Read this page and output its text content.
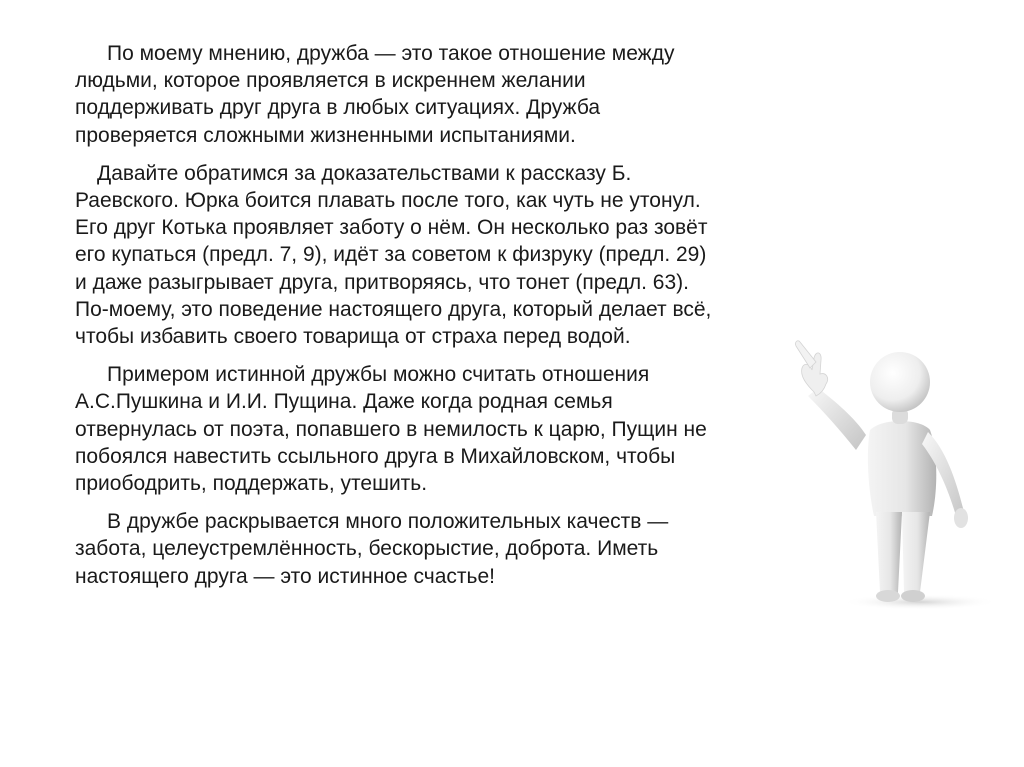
По моему мнению, дружба — это такое отношение между людьми, которое проявляется в искреннем желании поддерживать друг друга в любых ситуациях. Дружба проверяется сложными жизненными испытаниями.

Давайте обратимся за доказательствами к рассказу Б. Раевского. Юрка боится плавать после того, как чуть не утонул. Его друг Котька проявляет заботу о нём. Он несколько раз зовёт его купаться (предл. 7, 9), идёт за советом к физруку (предл. 29) и даже разыгрывает друга, притворяясь, что тонет (предл. 63). По-моему, это поведение настоящего друга, который делает всё, чтобы избавить своего товарища от страха перед водой.

Примером истинной дружбы можно считать отношения А.С.Пушкина и И.И. Пущина. Даже когда родная семья отвернулась от поэта, попавшего в немилость к царю, Пущин не побоялся навестить ссыльного друга в Михайловском, чтобы приободрить, поддержать, утешить.

В дружбе раскрывается много положительных качеств — забота, целеустремлённость, бескорыстие, доброта. Иметь настоящего друга — это истинное счастье!
